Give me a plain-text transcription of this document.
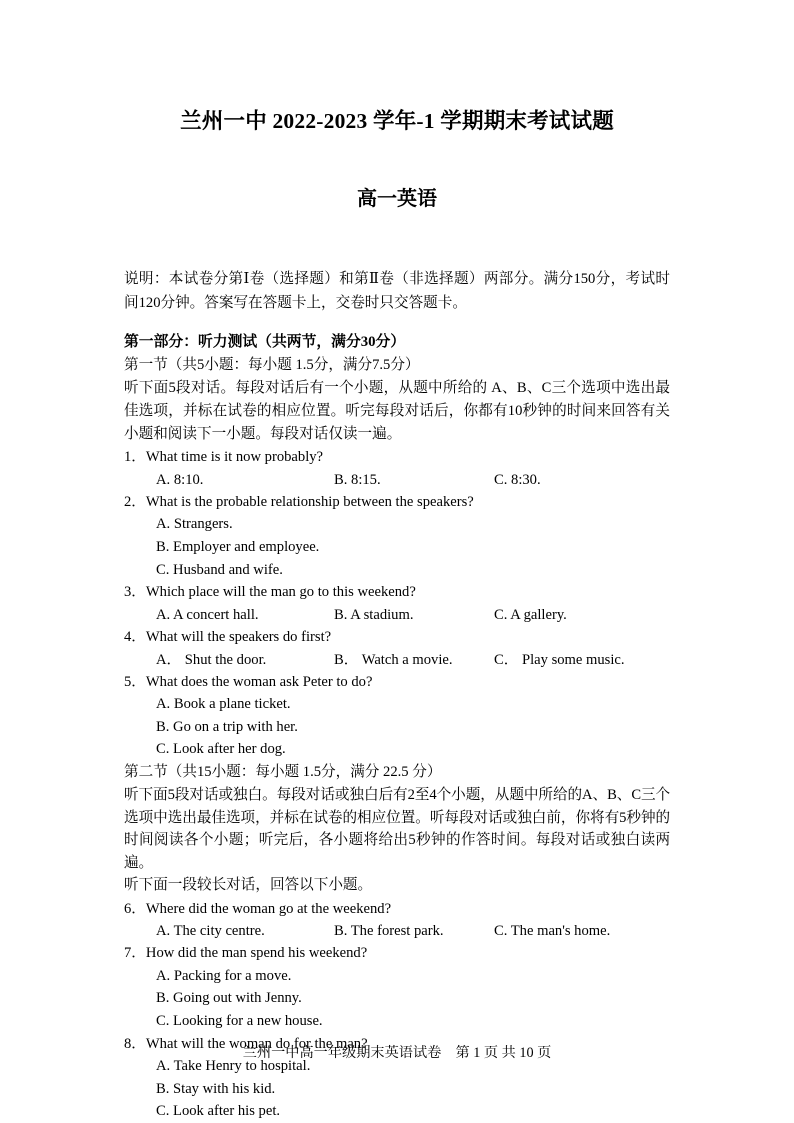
兰州一中 2022-2023 学年-1 学期期末考试试题
高一英语

说明：本试卷分第Ⅰ卷（选择题）和第Ⅱ卷（非选择题）两部分。满分150分，考试时间120分钟。答案写在答题卡上，交卷时只交答题卡。

第一部分：听力测试（共两节，满分30分）

第一节（共5小题：每小题 1.5分，满分7.5分）

听下面5段对话。每段对话后有一个小题，从题中所给的 A、B、C三个选项中选出最佳选项，并标在试卷的相应位置。听完每段对话后，你都有10秒钟的时间来回答有关小题和阅读下一小题。每段对话仅读一遍。

1．What time is it now probably?

A. 8:10.	B. 8:15.	C. 8:30.

2．What is the probable relationship between the speakers?

A. Strangers.

B. Employer and employee.

C. Husband and wife.

3．Which place will the man go to this weekend?

A. A concert hall.	B. A stadium.	C. A gallery.

4．What will the speakers do first?

A． Shut the door.	B． Watch a movie.	C． Play some music.

5．What does the woman ask Peter to do?

A. Book a plane ticket.

B. Go on a trip with her.

C. Look after her dog.

第二节（共15小题：每小题 1.5分，满分 22.5 分）

听下面5段对话或独白。每段对话或独白后有2至4个小题，从题中所给的A、B、C三个选项中选出最佳选项，并标在试卷的相应位置。听每段对话或独白前，你将有5秒钟的时间阅读各个小题；听完后，各小题将给出5秒钟的作答时间。每段对话或独白读两遍。

听下面一段较长对话，回答以下小题。

6．Where did the woman go at the weekend?

A. The city centre.	B. The forest park.	C. The man's home.

7．How did the man spend his weekend?

A. Packing for a move.

B. Going out with Jenny.

C. Looking for a new house.

8．What will the woman do for the man?

A. Take Henry to hospital.

B. Stay with his kid.

C. Look after his pet.

兰州一中高一年级期末英语试卷　第 1 页 共 10 页
